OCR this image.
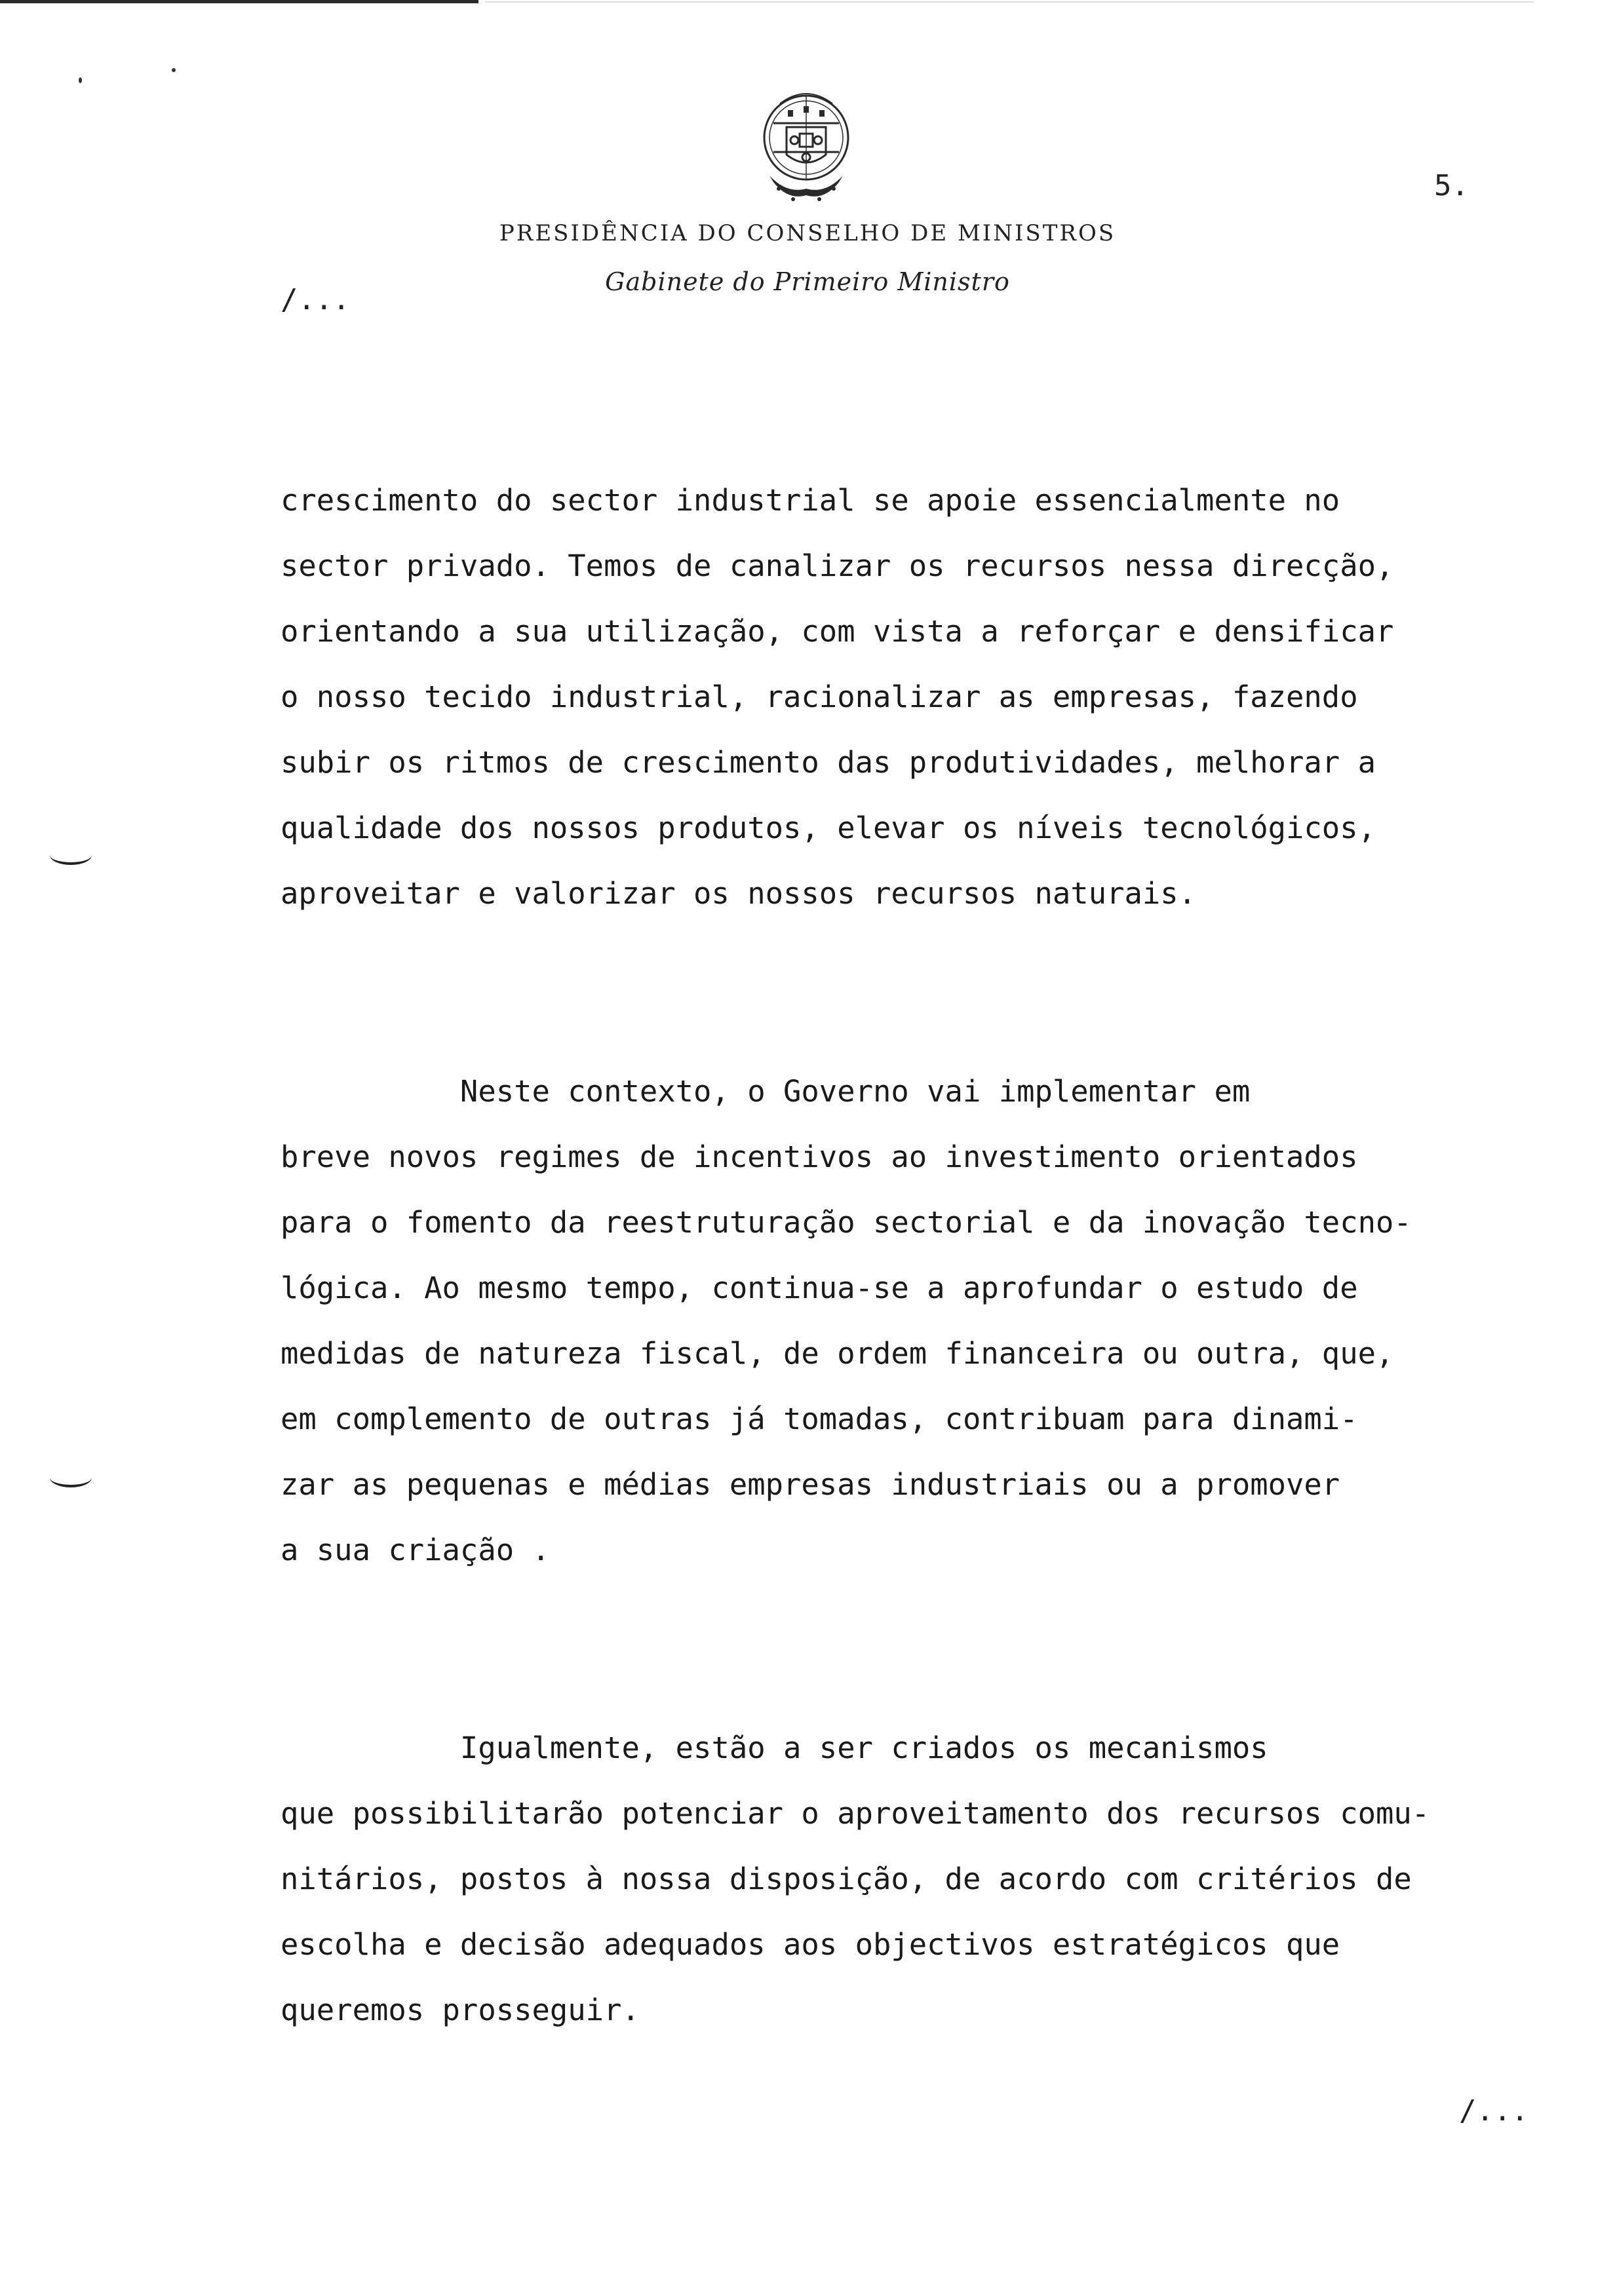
PRESIDÊNCIA DO CONSELHO DE MINISTROS
Gabinete do Primeiro Ministro
5.
/...
crescimento do sector industrial se apoie essencialmente no
sector privado. Temos de canalizar os recursos nessa direcção,
orientando a sua utilização, com vista a reforçar e densificar
o nosso tecido industrial, racionalizar as empresas, fazendo
subir os ritmos de crescimento das produtividades, melhorar a
qualidade dos nossos produtos, elevar os níveis tecnológicos,
aproveitar e valorizar os nossos recursos naturais.
Neste contexto, o Governo vai implementar em
breve novos regimes de incentivos ao investimento orientados
para o fomento da reestruturação sectorial e da inovação tecno-
lógica. Ao mesmo tempo, continua-se a aprofundar o estudo de
medidas de natureza fiscal, de ordem financeira ou outra, que,
em complemento de outras já tomadas, contribuam para dinami-
zar as pequenas e médias empresas industriais ou a promover
a sua criação .
Igualmente, estão a ser criados os mecanismos
que possibilitarão potenciar o aproveitamento dos recursos comu-
nitários, postos à nossa disposição, de acordo com critérios de
escolha e decisão adequados aos objectivos estratégicos que
queremos prosseguir.
/...
